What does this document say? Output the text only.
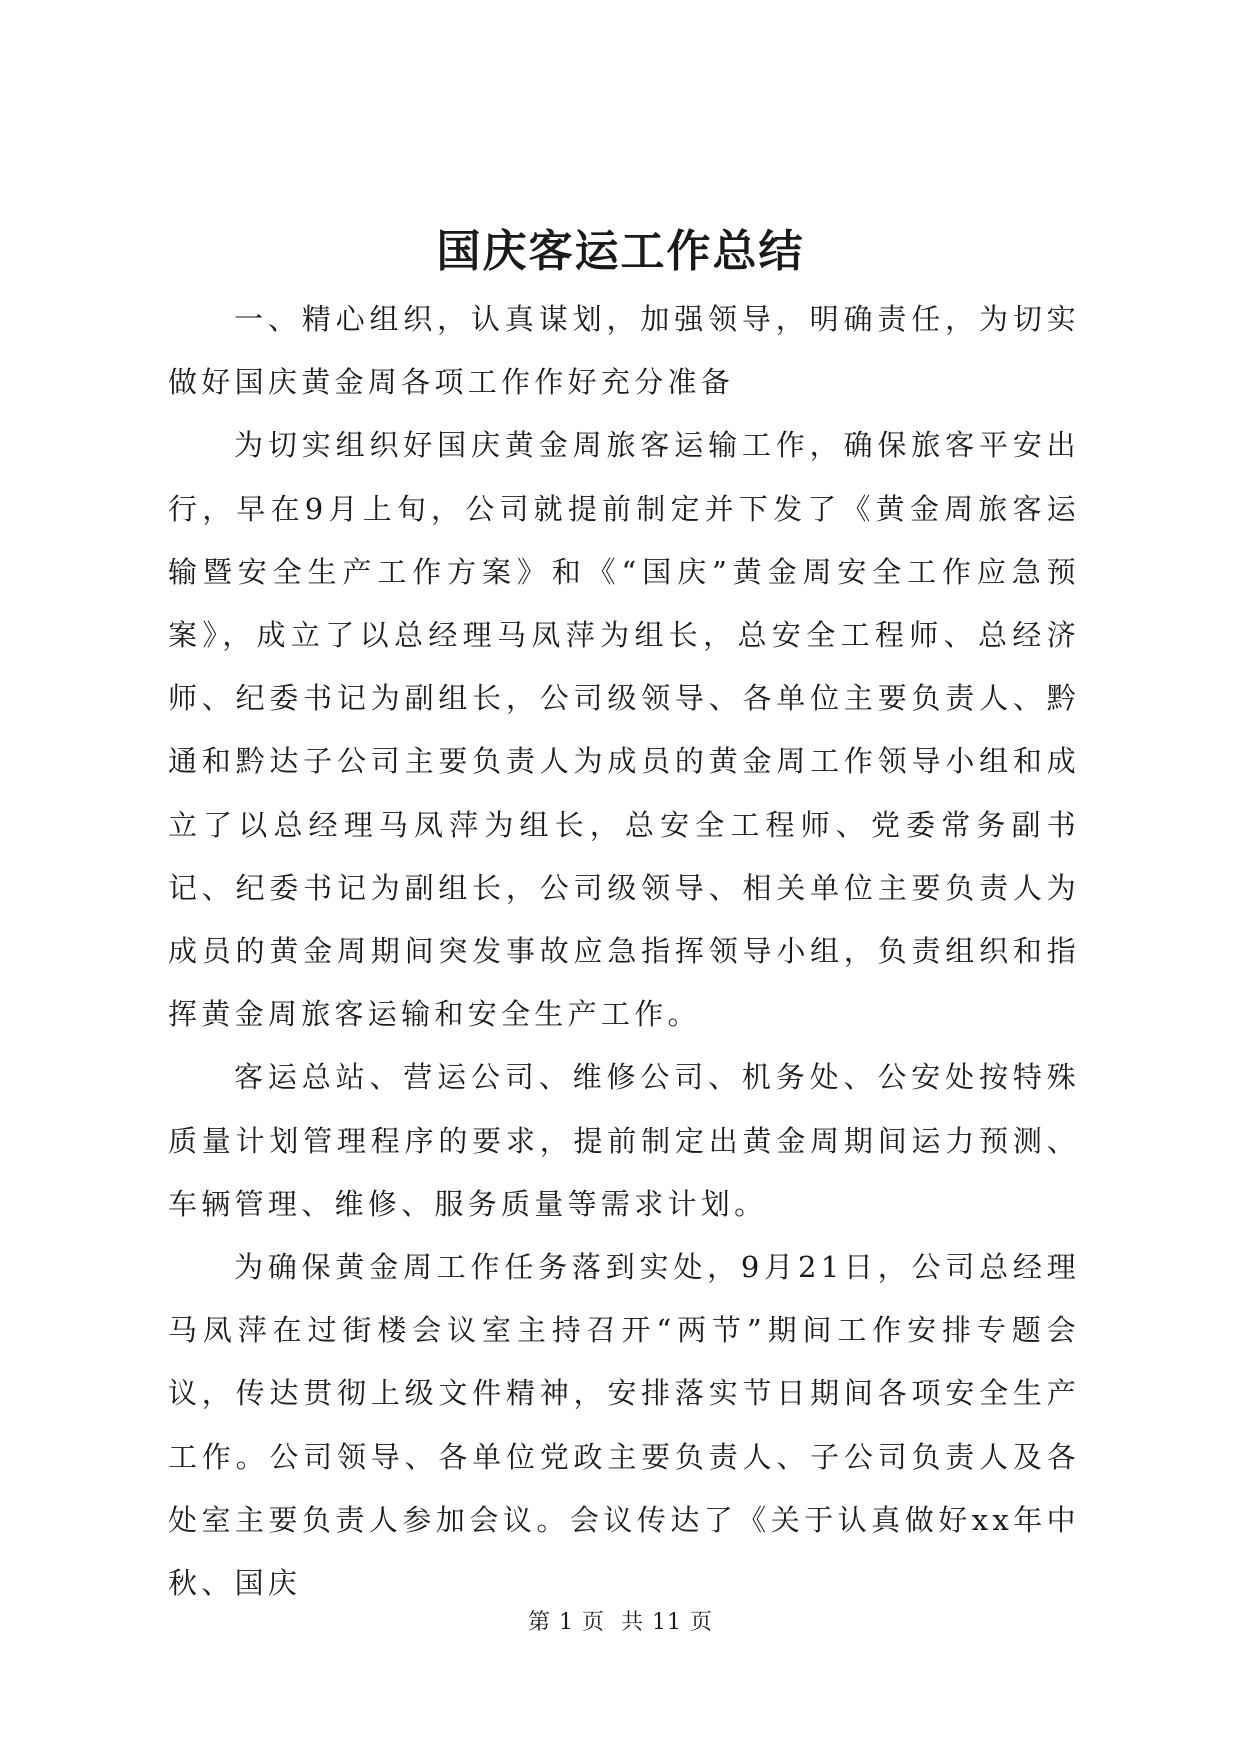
国庆客运工作总结

一、精心组织，认真谋划，加强领导，明确责任，为切实做好国庆黄金周各项工作作好充分准备

为切实组织好国庆黄金周旅客运输工作，确保旅客平安出行，早在9月上旬，公司就提前制定并下发了《黄金周旅客运输暨安全生产工作方案》和《“国庆”黄金周安全工作应急预案》，成立了以总经理马凤萍为组长，总安全工程师、总经济师、纪委书记为副组长，公司级领导、各单位主要负责人、黔通和黔达子公司主要负责人为成员的黄金周工作领导小组和成立了以总经理马凤萍为组长，总安全工程师、党委常务副书记、纪委书记为副组长，公司级领导、相关单位主要负责人为成员的黄金周期间突发事故应急指挥领导小组，负责组织和指挥黄金周旅客运输和安全生产工作。

客运总站、营运公司、维修公司、机务处、公安处按特殊质量计划管理程序的要求，提前制定出黄金周期间运力预测、车辆管理、维修、服务质量等需求计划。

为确保黄金周工作任务落到实处，9月21日，公司总经理马凤萍在过街楼会议室主持召开“两节”期间工作安排专题会议，传达贯彻上级文件精神，安排落实节日期间各项安全生产工作。公司领导、各单位党政主要负责人、子公司负责人及各处室主要负责人参加会议。会议传达了《关于认真做好xx年中秋、国庆

第 1 页  共 11 页
